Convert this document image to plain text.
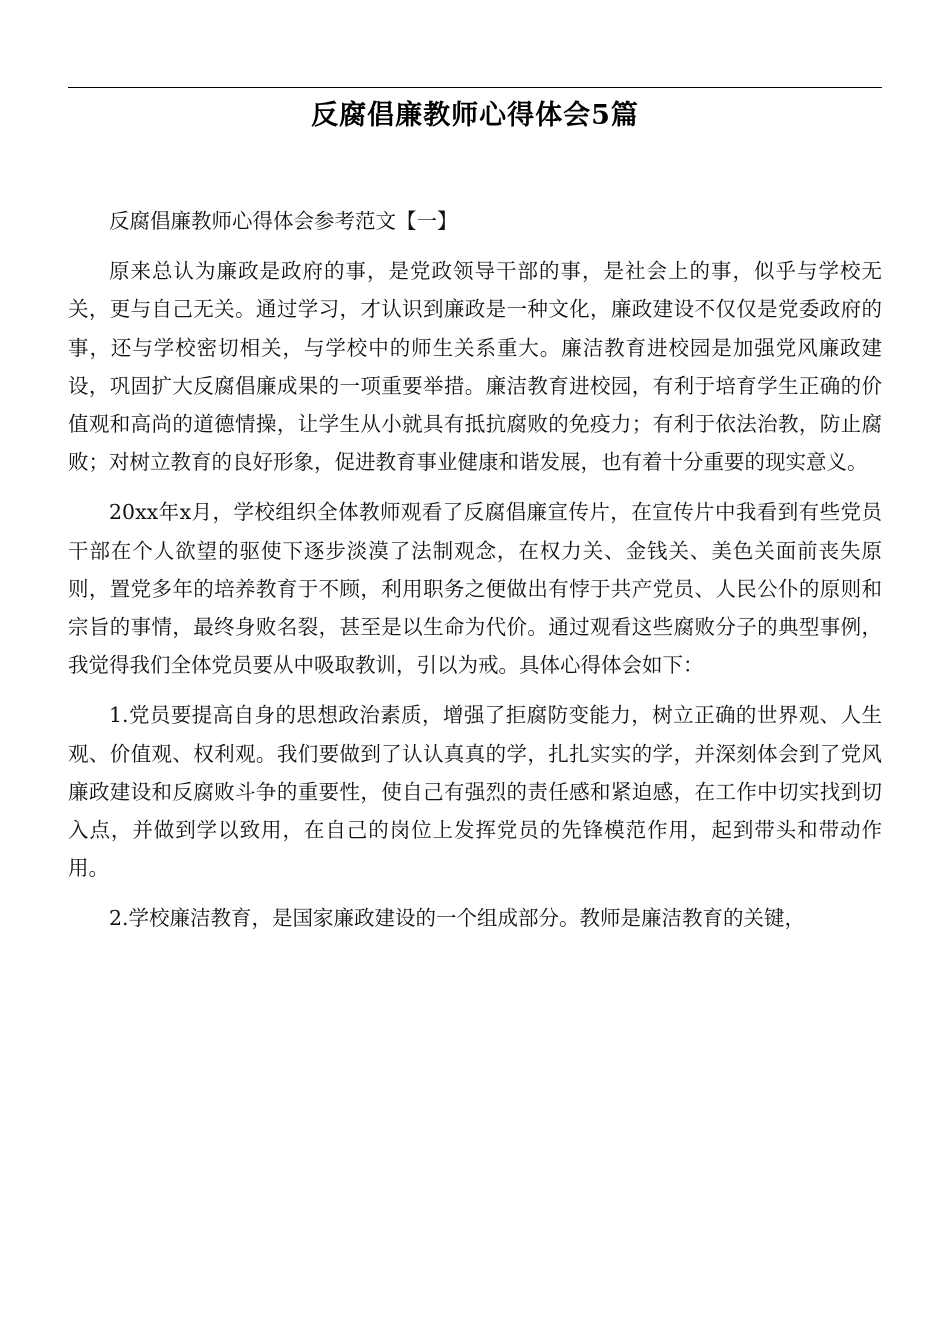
反腐倡廉教师心得体会5篇

反腐倡廉教师心得体会参考范文【一】

原来总认为廉政是政府的事，是党政领导干部的事，是社会上的事，似乎与学校无关，更与自己无关。通过学习，才认识到廉政是一种文化，廉政建设不仅仅是党委政府的事，还与学校密切相关，与学校中的师生关系重大。廉洁教育进校园是加强党风廉政建设，巩固扩大反腐倡廉成果的一项重要举措。廉洁教育进校园，有利于培育学生正确的价值观和高尚的道德情操，让学生从小就具有抵抗腐败的免疫力；有利于依法治教，防止腐败；对树立教育的良好形象，促进教育事业健康和谐发展，也有着十分重要的现实意义。

20xx年x月，学校组织全体教师观看了反腐倡廉宣传片，在宣传片中我看到有些党员干部在个人欲望的驱使下逐步淡漠了法制观念，在权力关、金钱关、美色关面前丧失原则，置党多年的培养教育于不顾，利用职务之便做出有悖于共产党员、人民公仆的原则和宗旨的事情，最终身败名裂，甚至是以生命为代价。通过观看这些腐败分子的典型事例，我觉得我们全体党员要从中吸取教训，引以为戒。具体心得体会如下：

1.党员要提高自身的思想政治素质，增强了拒腐防变能力，树立正确的世界观、人生观、价值观、权利观。我们要做到了认认真真的学，扎扎实实的学，并深刻体会到了党风廉政建设和反腐败斗争的重要性，使自己有强烈的责任感和紧迫感，在工作中切实找到切入点，并做到学以致用，在自己的岗位上发挥党员的先锋模范作用，起到带头和带动作用。

2.学校廉洁教育，是国家廉政建设的一个组成部分。教师是廉洁教育的关键，
